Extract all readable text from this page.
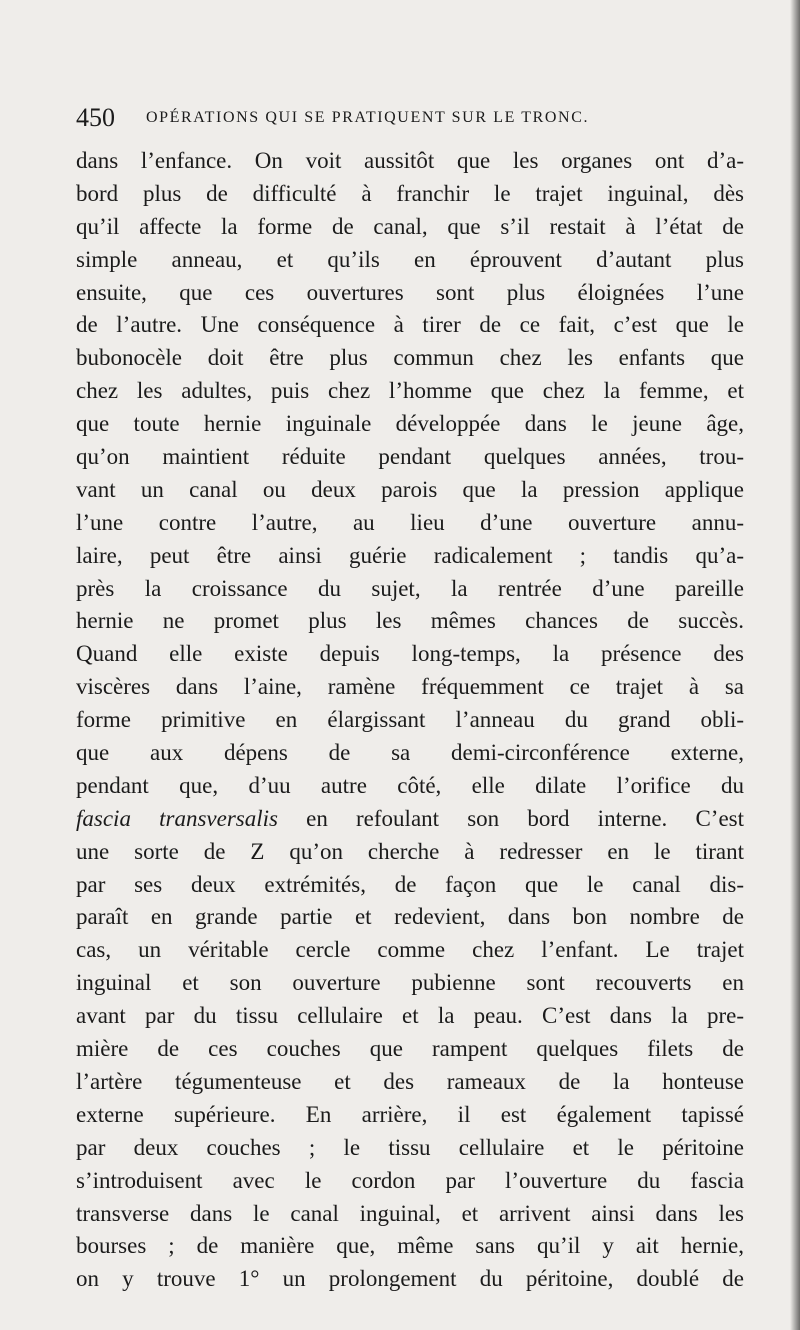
450 OPÉRATIONS QUI SE PRATIQUENT SUR LE TRONC.
dans l’enfance. On voit aussitôt que les organes ont d’a-
bord plus de difficulté à franchir le trajet inguinal, dès
qu’il affecte la forme de canal, que s’il restait à l’état de
simple anneau, et qu’ils en éprouvent d’autant plus
ensuite, que ces ouvertures sont plus éloignées l’une
de l’autre. Une conséquence à tirer de ce fait, c’est que le
bubonocèle doit être plus commun chez les enfants que
chez les adultes, puis chez l’homme que chez la femme, et
que toute hernie inguinale développée dans le jeune âge,
qu’on maintient réduite pendant quelques années, trou-
vant un canal ou deux parois que la pression applique
l’une contre l’autre, au lieu d’une ouverture annu-
laire, peut être ainsi guérie radicalement ; tandis qu’a-
près la croissance du sujet, la rentrée d’une pareille
hernie ne promet plus les mêmes chances de succès.
Quand elle existe depuis long-temps, la présence des
viscères dans l’aine, ramène fréquemment ce trajet à sa
forme primitive en élargissant l’anneau du grand obli-
que aux dépens de sa demi-circonférence externe,
pendant que, d’uu autre côté, elle dilate l’orifice du
fascia transversalis en refoulant son bord interne. C’est
une sorte de Z qu’on cherche à redresser en le tirant
par ses deux extrémités, de façon que le canal dis-
paraît en grande partie et redevient, dans bon nombre de
cas, un véritable cercle comme chez l’enfant. Le trajet
inguinal et son ouverture pubienne sont recouverts en
avant par du tissu cellulaire et la peau. C’est dans la pre-
mière de ces couches que rampent quelques filets de
l’artère tégumenteuse et des rameaux de la honteuse
externe supérieure. En arrière, il est également tapissé
par deux couches ; le tissu cellulaire et le péritoine
s’introduisent avec le cordon par l’ouverture du fascia
transverse dans le canal inguinal, et arrivent ainsi dans les
bourses ; de manière que, même sans qu’il y ait hernie,
on y trouve 1° un prolongement du péritoine, doublé de
